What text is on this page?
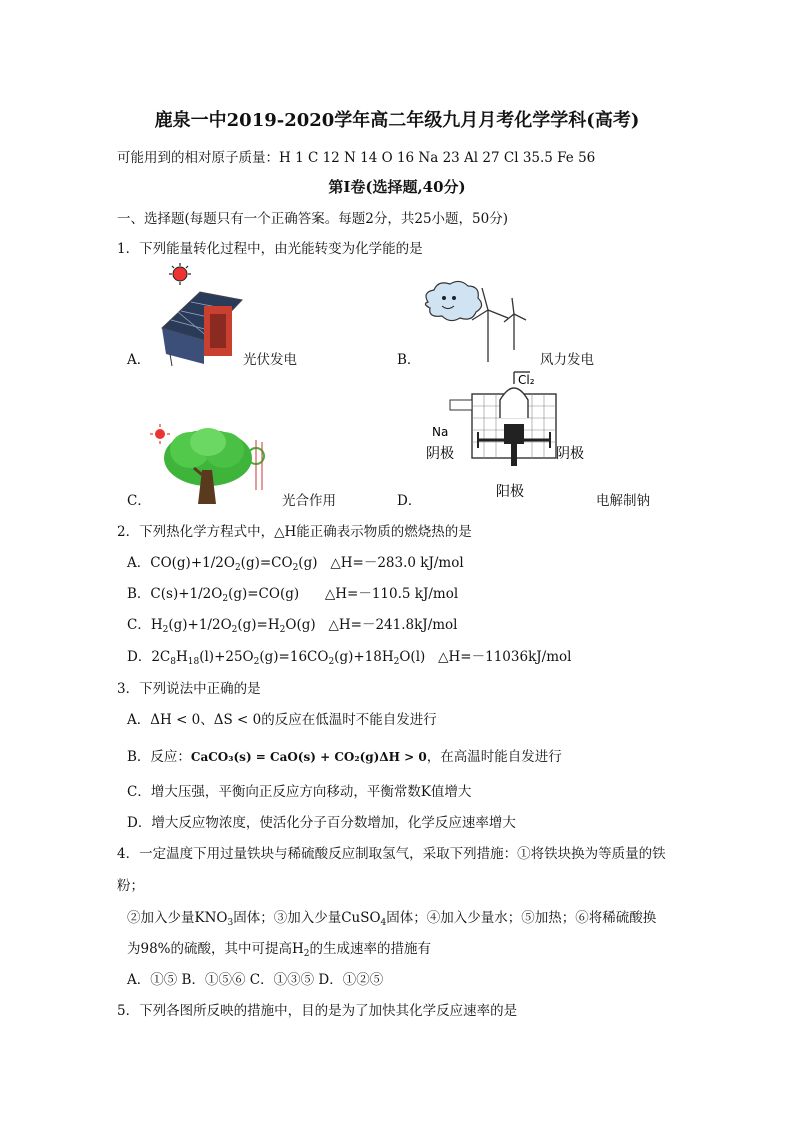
鹿泉一中2019-2020学年高二年级九月月考化学学科(高考)
可能用到的相对原子质量：H 1 C 12 N 14 O 16 Na 23 Al 27 Cl 35.5 Fe 56
第Ⅰ卷(选择题,40分)
一、选择题(每题只有一个正确答案。每题2分，共25小题，50分)
1．下列能量转化过程中，由光能转变为化学能的是
A．	光伏发电	B．	风力发电
C．	光合作用
Cl₂
Na
阴极	阴极
阳极
D．	电解制钠
2．下列热化学方程式中，△H能正确表示物质的燃烧热的是
A．$CO(g)+1/2O_2(g)=CO_2(g)$ △H=－283.0 kJ/mol
B．$C(s)+1/2O_2(g)=CO(g)$ △H=－110.5 kJ/mol
C．$H_2(g)+1/2O_2(g)=H_2O(g)$ △H=－241.8kJ/mol
D．$2C_8H_{18}(l)+25O_2(g)=16CO_2(g)+18H_2O(l)$ △H=－11036kJ/mol
3．下列说法中正确的是
A．ΔH < 0、ΔS < 0的反应在低温时不能自发进行
B．反应：CaCO₃(s) = CaO(s) + CO₂(g)ΔH > 0，在高温时能自发进行
C．增大压强，平衡向正反应方向移动，平衡常数K值增大
D．增大反应物浓度，使活化分子百分数增加，化学反应速率增大
4．一定温度下用过量铁块与稀硫酸反应制取氢气，采取下列措施：①将铁块换为等质量的铁
粉；
②加入少量$KNO_3$固体；③加入少量CuSO$_4$固体；④加入少量水；⑤加热；⑥将稀硫酸换
为98%的硫酸，其中可提高$H_2$的生成速率的措施有
A．①⑤ B．①⑤⑥ C．①③⑤ D．①②⑤
5．下列各图所反映的措施中，目的是为了加快其化学反应速率的是
